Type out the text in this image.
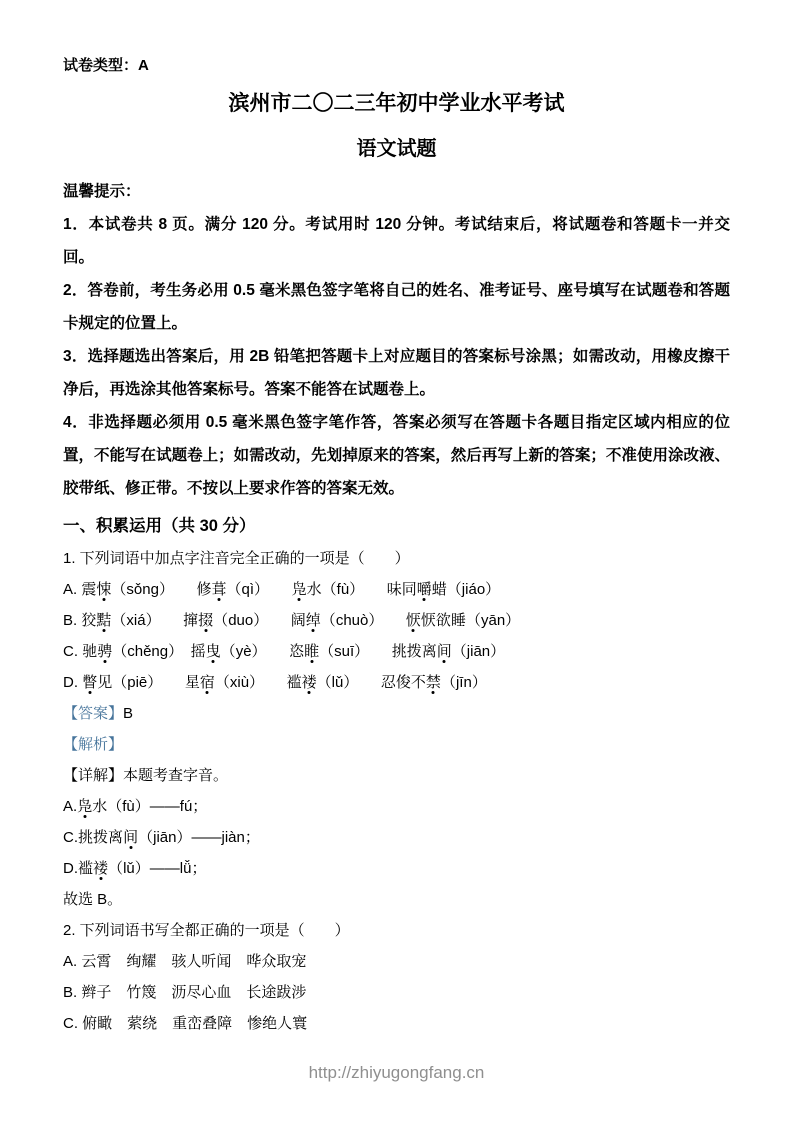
试卷类型：A
滨州市二〇二三年初中学业水平考试
语文试题
温馨提示：

1．本试卷共 8 页。满分 120 分。考试用时 120 分钟。考试结束后，将试题卷和答题卡一并交回。

2．答卷前，考生务必用 0.5 毫米黑色签字笔将自己的姓名、准考证号、座号填写在试题卷和答题卡规定的位置上。

3．选择题选出答案后，用 2B 铅笔把答题卡上对应题目的答案标号涂黑；如需改动，用橡皮擦干净后，再选涂其他答案标号。答案不能答在试题卷上。

4．非选择题必须用 0.5 毫米黑色签字笔作答，答案必须写在答题卡各题目指定区域内相应的位置，不能写在试题卷上；如需改动，先划掉原来的答案，然后再写上新的答案；不准使用涂改液、胶带纸、修正带。不按以上要求作答的答案无效。

一、积累运用（共 30 分）

1. 下列词语中加点字注音完全正确的一项是（　　）

A. 震悚（sǒng）　　 修葺（qì）　　 凫水（fù）　　 味同嚼蜡（jiáo）

B. 狡黠（xiá）　　 撺掇（duo）　　 阔绰（chuò）　　 恹恹欲睡（yān）

C. 驰骋（chěng）　 摇曳（yè）　　 恣睢（suī）　　 挑拨离间（jiān）

D. 瞥见（piē）　　 星宿（xiù）　　 褴褛（lǔ）　　 忍俊不禁（jīn）

【答案】B

【解析】

【详解】本题考查字音。

A.凫水（fù）——fú；

C.挑拨离间（jiān）——jiàn；

D.褴褛（lǔ）——lǚ；

故选 B。

2. 下列词语书写全都正确的一项是（　　）

A. 云霄　绚耀　骇人听闻　哗众取宠

B. 辫子　竹篾　沥尽心血　长途跋涉

C. 俯瞰　萦绕　重峦叠障　惨绝人寰

http://zhiyugongfang.cn
